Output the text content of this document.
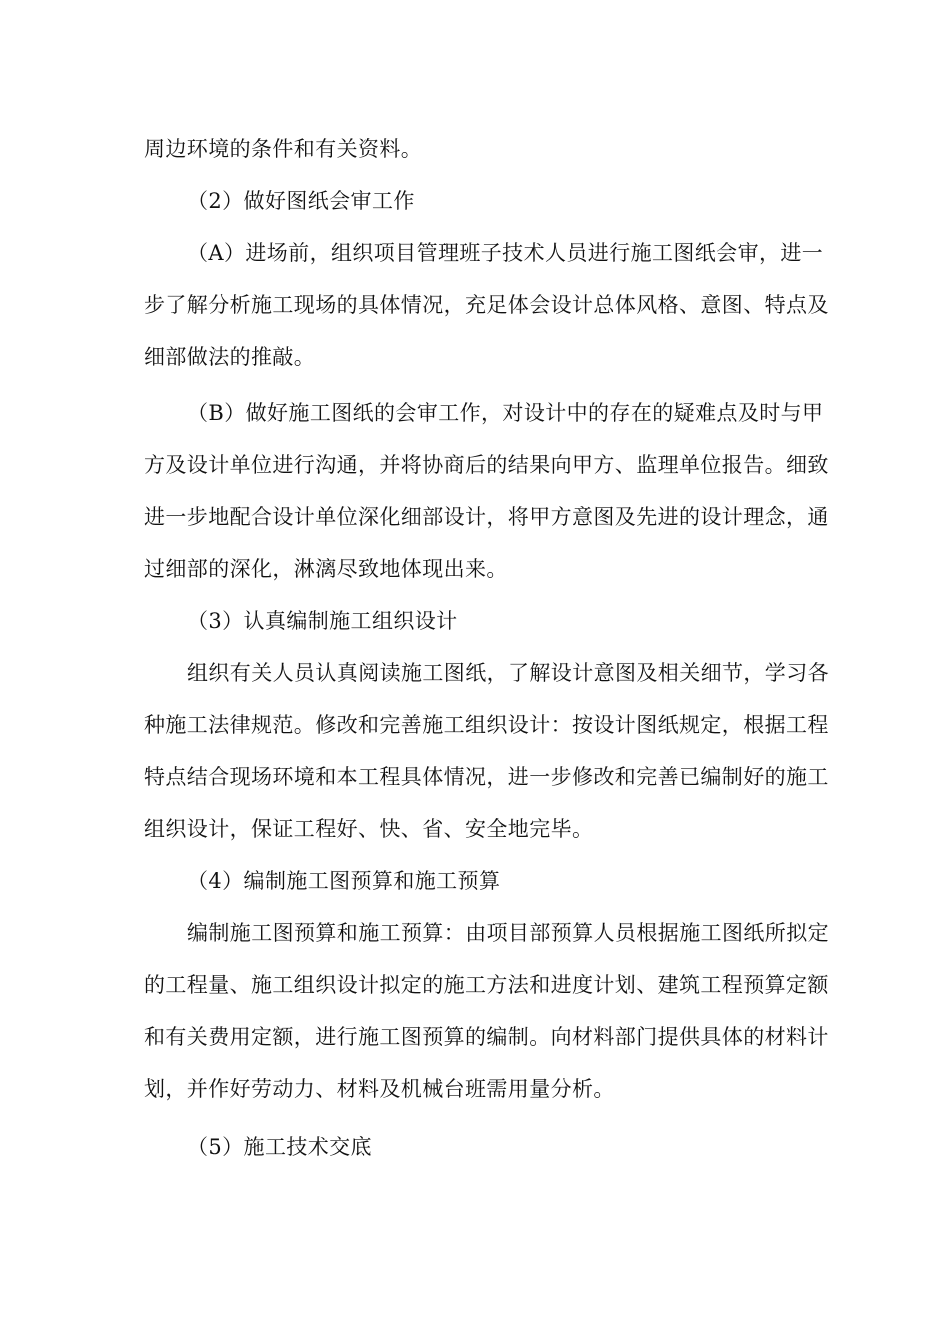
周边环境的条件和有关资料。
（2）做好图纸会审工作
（A）进场前，组织项目管理班子技术人员进行施工图纸会审，进一
步了解分析施工现场的具体情况，充足体会设计总体风格、意图、特点及
细部做法的推敲。
（B）做好施工图纸的会审工作，对设计中的存在的疑难点及时与甲
方及设计单位进行沟通，并将协商后的结果向甲方、监理单位报告。细致
进一步地配合设计单位深化细部设计，将甲方意图及先进的设计理念，通
过细部的深化，淋漓尽致地体现出来。
（3）认真编制施工组织设计
组织有关人员认真阅读施工图纸，了解设计意图及相关细节，学习各
种施工法律规范。修改和完善施工组织设计：按设计图纸规定，根据工程
特点结合现场环境和本工程具体情况，进一步修改和完善已编制好的施工
组织设计，保证工程好、快、省、安全地完毕。
（4）编制施工图预算和施工预算
编制施工图预算和施工预算：由项目部预算人员根据施工图纸所拟定
的工程量、施工组织设计拟定的施工方法和进度计划、建筑工程预算定额
和有关费用定额，进行施工图预算的编制。向材料部门提供具体的材料计
划，并作好劳动力、材料及机械台班需用量分析。
（5）施工技术交底
